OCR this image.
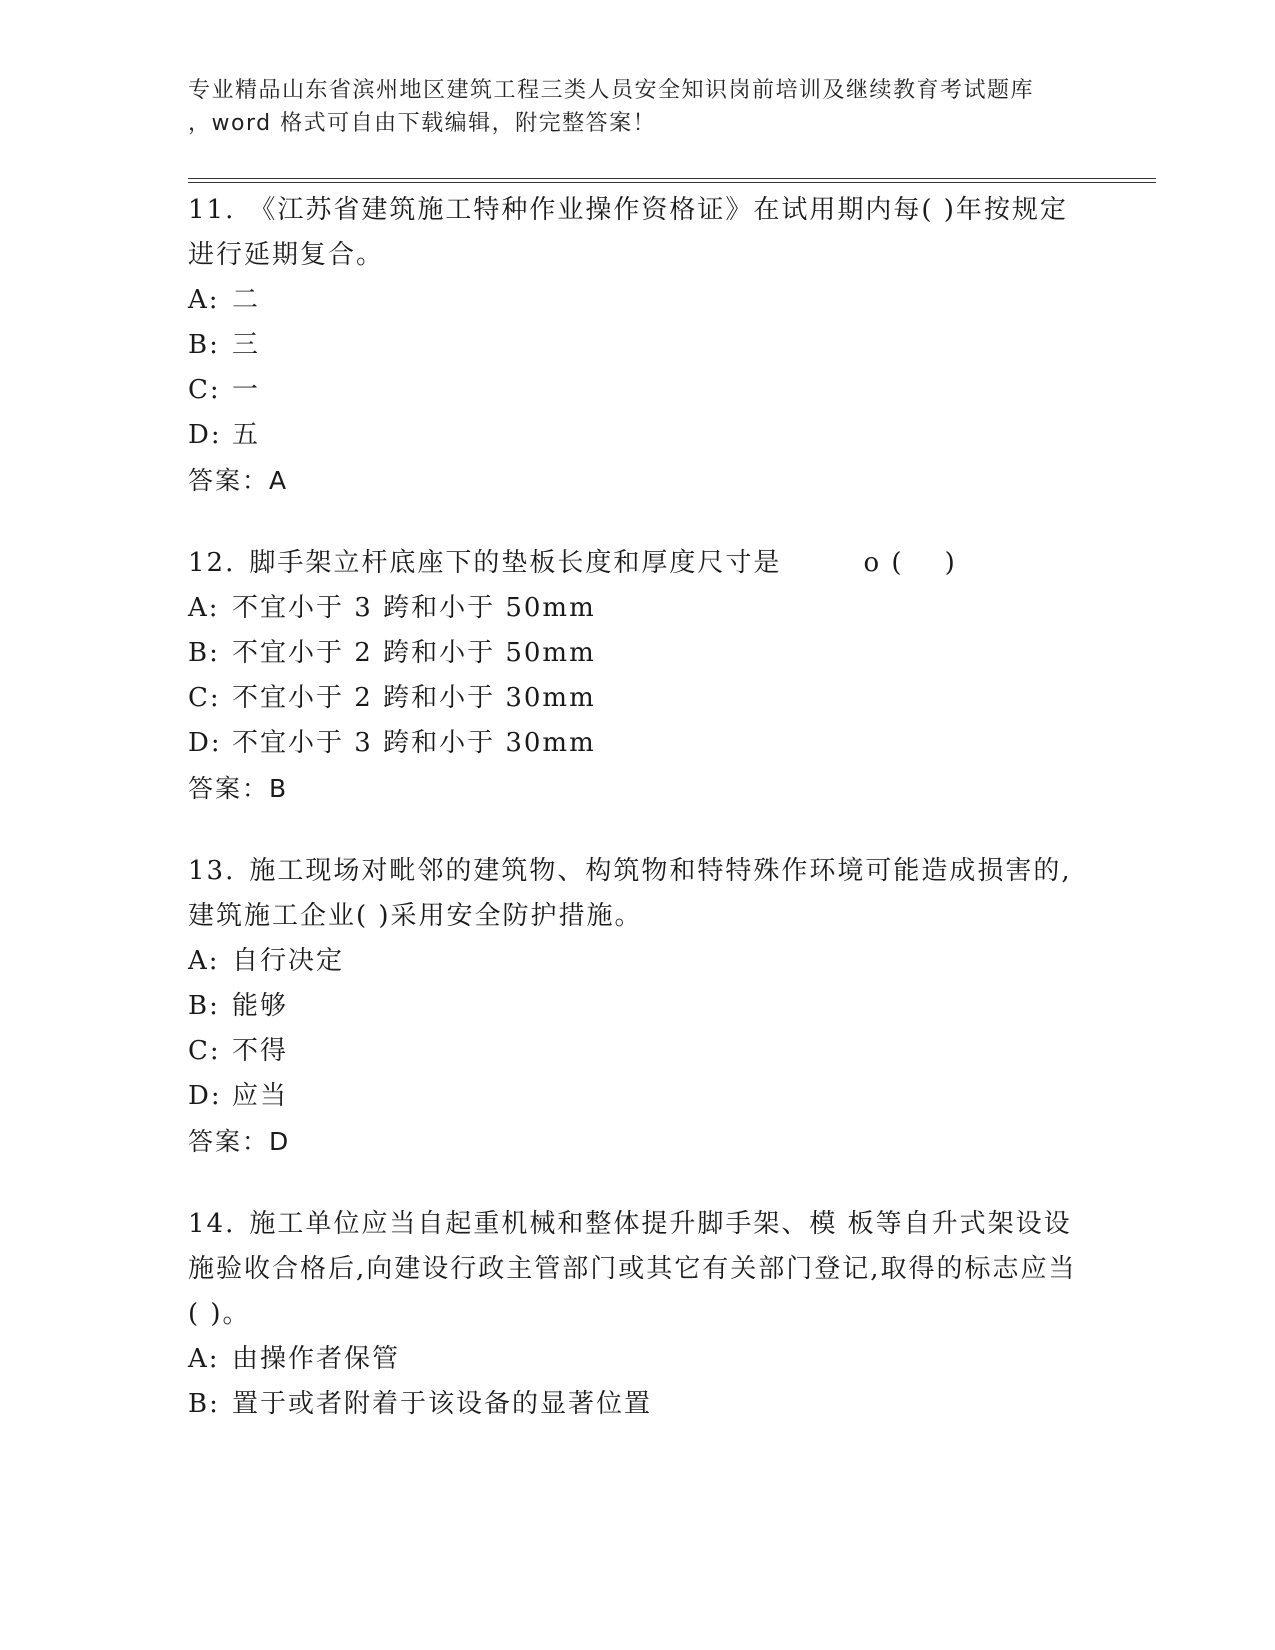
专业精品山东省滨州地区建筑工程三类人员安全知识岗前培训及继续教育考试题库
，word 格式可自由下载编辑，附完整答案！

11. 《江苏省建筑施工特种作业操作资格证》在试用期内每( )年按规定进行延期复合。

A: 二

B: 三

C: 一

D: 五

答案：A

12. 脚手架立杆底座下的垫板长度和厚度尺寸是        o (    )

A: 不宜小于 3 跨和小于 50mm

B: 不宜小于 2 跨和小于 50mm

C: 不宜小于 2 跨和小于 30mm

D: 不宜小于 3 跨和小于 30mm

答案：B

13. 施工现场对毗邻的建筑物、构筑物和特特殊作环境可能造成损害的,建筑施工企业( )采用安全防护措施。

A: 自行决定

B: 能够

C: 不得

D: 应当

答案：D

14. 施工单位应当自起重机械和整体提升脚手架、模 板等自升式架设设施验收合格后,向建设行政主管部门或其它有关部门登记,取得的标志应当( )。

A: 由操作者保管

B: 置于或者附着于该设备的显著位置
